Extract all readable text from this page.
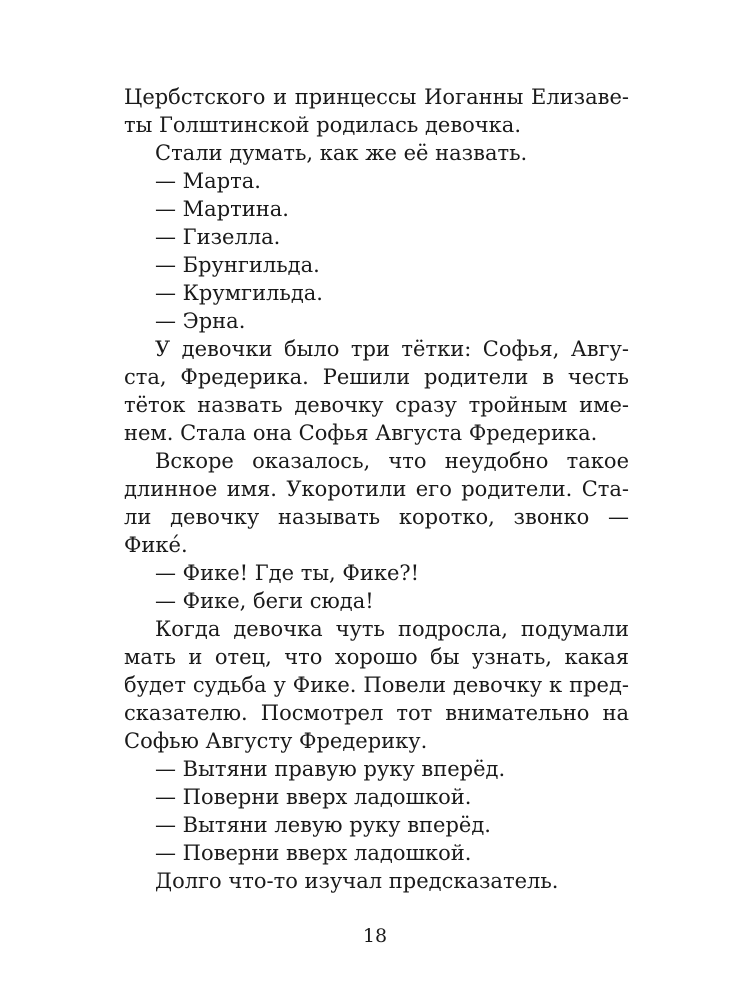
Цербстского и принцессы Иоганны Елизаве-
ты Голштинской родилась девочка.
Стали думать, как же её назвать.
— Марта.
— Мартина.
— Гизелла.
— Брунгильда.
— Крумгильда.
— Эрна.
У девочки было три тётки: Софья, Авгу-
ста, Фредерика. Решили родители в честь
тёток назвать девочку сразу тройным име-
нем. Стала она Софья Августа Фредерика.
Вскоре оказалось, что неудобно такое
длинное имя. Укоротили его родители. Ста-
ли девочку называть коротко, звонко —
Фике́.
— Фике! Где ты, Фике?!
— Фике, беги сюда!
Когда девочка чуть подросла, подумали
мать и отец, что хорошо бы узнать, какая
будет судьба у Фике. Повели девочку к пред-
сказателю. Посмотрел тот внимательно на
Софью Августу Фредерику.
— Вытяни правую руку вперёд.
— Поверни вверх ладошкой.
— Вытяни левую руку вперёд.
— Поверни вверх ладошкой.
Долго что-то изучал предсказатель.
18
